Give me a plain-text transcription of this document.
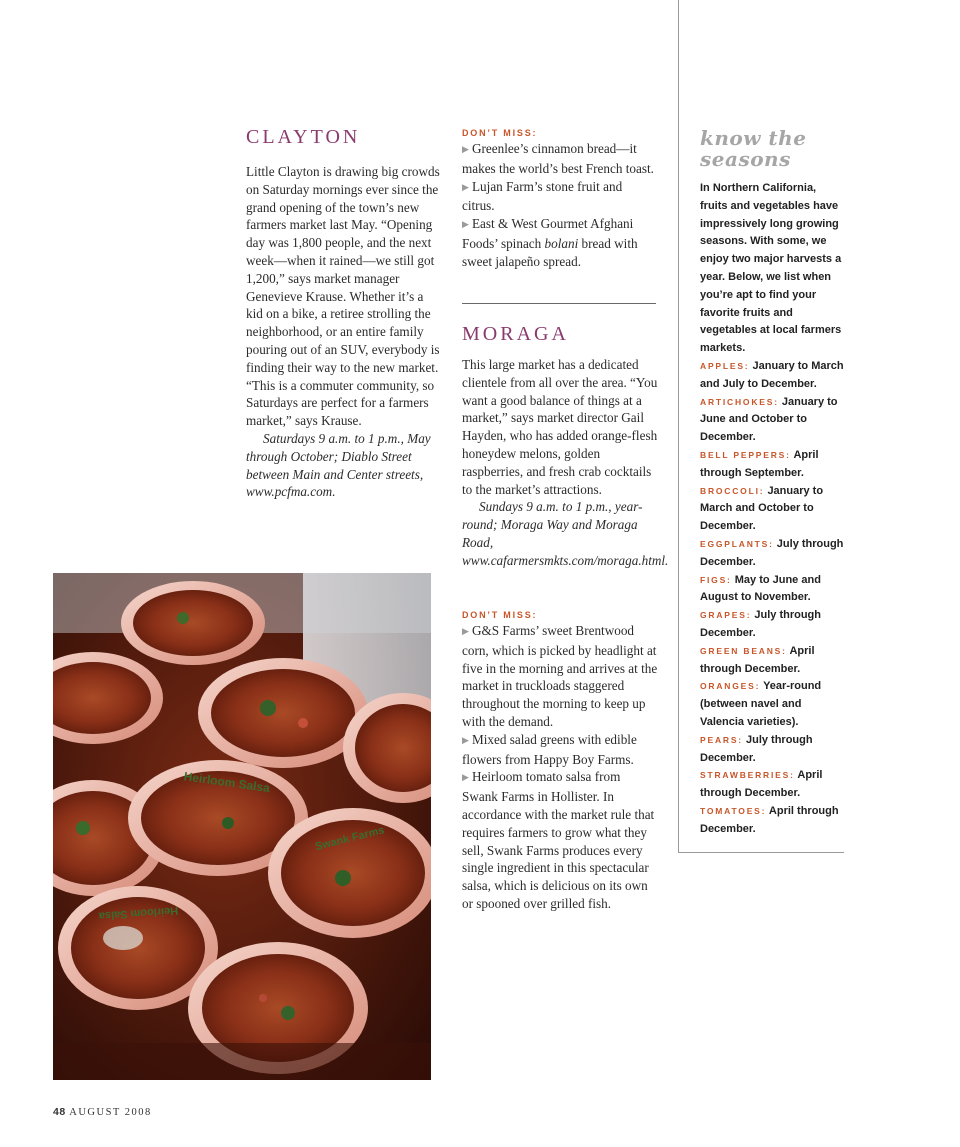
CLAYTON

Little Clayton is drawing big crowds on Saturday mornings ever since the grand opening of the town’s new farmers market last May. “Opening day was 1,800 people, and the next week—when it rained—we still got 1,200,” says market manager Genevieve Krause. Whether it’s a kid on a bike, a retiree strolling the neighborhood, or an entire family pouring out of an SUV, everybody is finding their way to the new market. “This is a commuter community, so Saturdays are perfect for a farmers market,” says Krause.

Saturdays 9 a.m. to 1 p.m., May through October; Diablo Street between Main and Center streets, www.pcfma.com.

DON’T MISS:

▶ Greenlee’s cinnamon bread—it makes the world’s best French toast.

▶ Lujan Farm’s stone fruit and citrus.

▶ East & West Gourmet Afghani Foods’ spinach bolani bread with sweet jalapeño spread.

MORAGA

This large market has a dedicated clientele from all over the area. “You want a good balance of things at a market,” says market director Gail Hayden, who has added orange-flesh honeydew melons, golden raspberries, and fresh crab cocktails to the market’s attractions.

Sundays 9 a.m. to 1 p.m., year-round; Moraga Way and Moraga Road, www.cafarmersmkts.com/moraga.html.

DON’T MISS:

▶ G&S Farms’ sweet Brentwood corn, which is picked by headlight at five in the morning and arrives at the market in truckloads staggered throughout the morning to keep up with the demand.

▶ Mixed salad greens with edible flowers from Happy Boy Farms.

▶ Heirloom tomato salsa from Swank Farms in Hollister. In accordance with the market rule that requires farmers to grow what they sell, Swank Farms produces every single ingredient in this spectacular salsa, which is delicious on its own or spooned over grilled fish.

know the
seasons
In Northern California, fruits and vegetables have impressively long growing seasons. With some, we enjoy two major harvests a year. Below, we list when you’re apt to find your favorite fruits and vegetables at local farmers markets.

APPLES: January to March and July to December.

ARTICHOKES: January to June and October to December.

BELL PEPPERS: April through September.

BROCCOLI: January to March and October to December.

EGGPLANTS: July through December.

FIGS: May to June and August to November.

GRAPES: July through December.

GREEN BEANS: April through December.

ORANGES: Year-round (between navel and Valencia varieties).

PEARS: July through December.

STRAWBERRIES: April through December.

TOMATOES: April through December.

Heirloom Salsa
Swank Farms
Heirloom Salsa
48 AUGUST 2008
